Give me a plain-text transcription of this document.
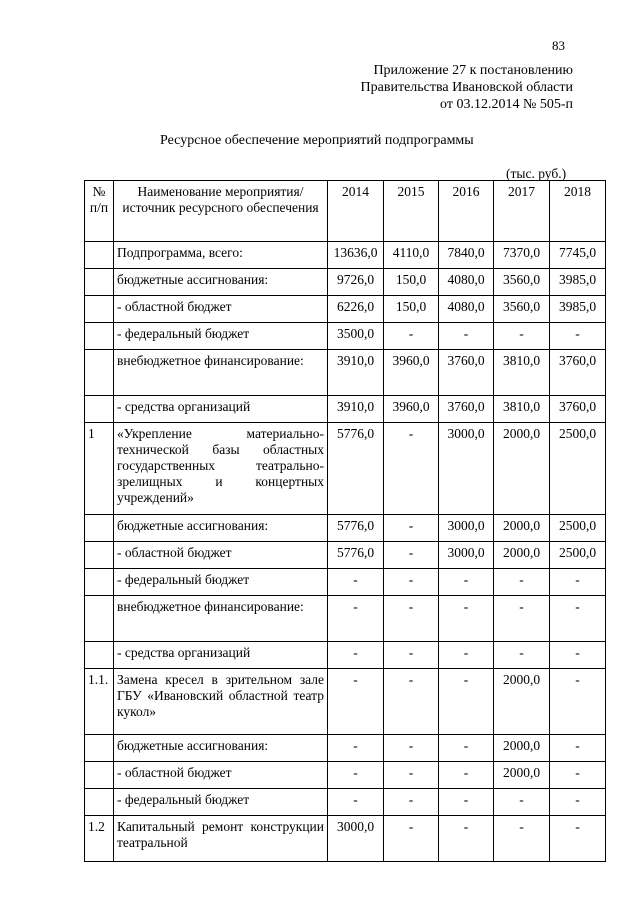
83
Приложение 27 к постановлению
Правительства Ивановской области
от 03.12.2014 № 505-п
Ресурсное обеспечение мероприятий подпрограммы
(тыс. руб.)
№ п/п	Наименование мероприятия/источник ресурсного обеспечения	2014	2015	2016	2017	2018
	Подпрограмма, всего:	13636,0	4110,0	7840,0	7370,0	7745,0
	бюджетные ассигнования:	9726,0	150,0	4080,0	3560,0	3985,0
	- областной бюджет	6226,0	150,0	4080,0	3560,0	3985,0
	- федеральный бюджет	3500,0	-	-	-	-
	внебюджетное финансирование:	3910,0	3960,0	3760,0	3810,0	3760,0
	- средства организаций	3910,0	3960,0	3760,0	3810,0	3760,0
1	«Укрепление материально-технической базы областных государственных театрально-зрелищных и концертных учреждений»	5776,0	-	3000,0	2000,0	2500,0
	бюджетные ассигнования:	5776,0	-	3000,0	2000,0	2500,0
	- областной бюджет	5776,0	-	3000,0	2000,0	2500,0
	- федеральный бюджет	-	-	-	-	-
	внебюджетное финансирование:	-	-	-	-	-
	- средства организаций	-	-	-	-	-
1.1.	Замена кресел в зрительном зале ГБУ «Ивановский областной театр кукол»	-	-	-	2000,0	-
	бюджетные ассигнования:	-	-	-	2000,0	-
	- областной бюджет	-	-	-	2000,0	-
	- федеральный бюджет	-	-	-	-	-
1.2	Капитальный ремонт конструкции театральной	3000,0	-	-	-	-
